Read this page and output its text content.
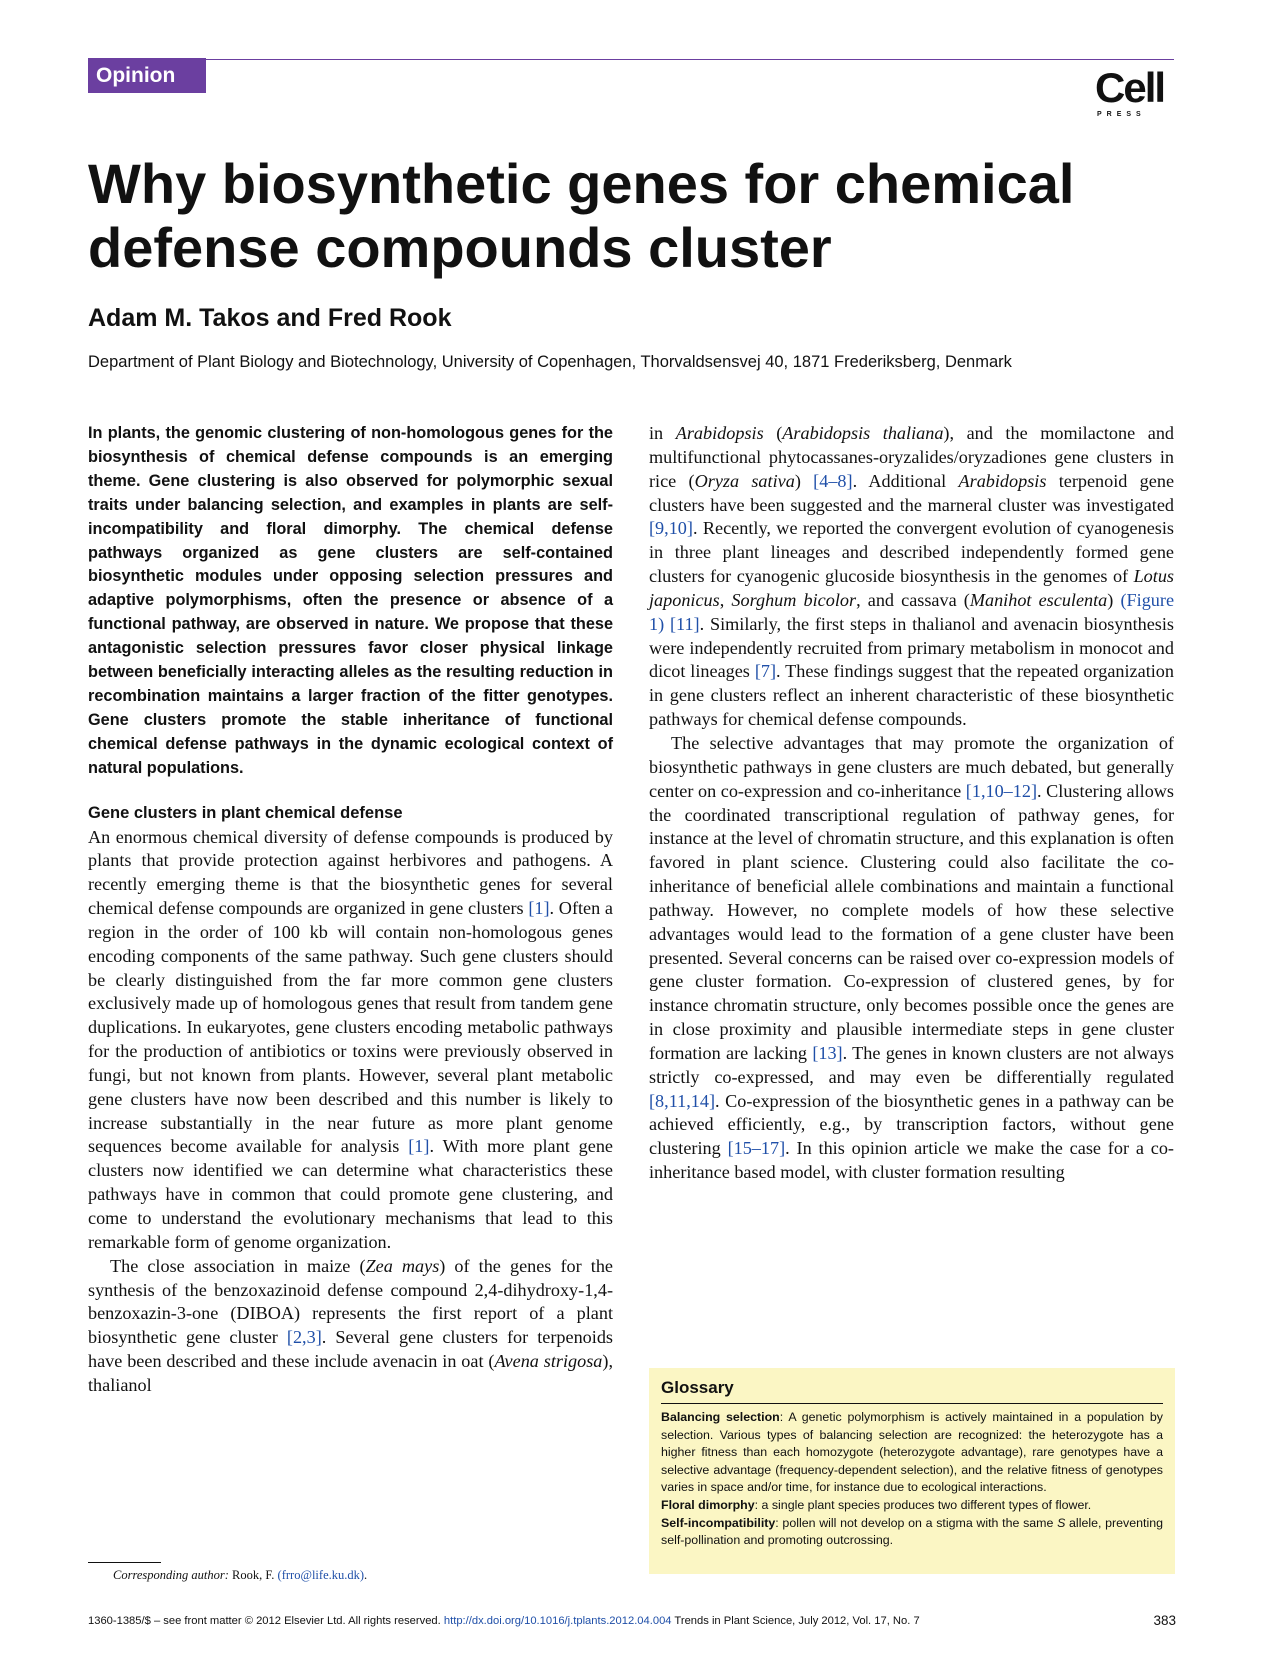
Opinion	Cell
PRESS
Why biosynthetic genes for chemical defense compounds cluster

Adam M. Takos and Fred Rook

Department of Plant Biology and Biotechnology, University of Copenhagen, Thorvaldsensvej 40, 1871 Frederiksberg, Denmark

In plants, the genomic clustering of non-homologous genes for the biosynthesis of chemical defense compounds is an emerging theme. Gene clustering is also observed for polymorphic sexual traits under balancing selection, and examples in plants are self-incompatibility and floral dimorphy. The chemical defense pathways organized as gene clusters are self-contained biosynthetic modules under opposing selection pressures and adaptive polymorphisms, often the presence or absence of a functional pathway, are observed in nature. We propose that these antagonistic selection pressures favor closer physical linkage between beneficially interacting alleles as the resulting reduction in recombination maintains a larger fraction of the fitter genotypes. Gene clusters promote the stable inheritance of functional chemical defense pathways in the dynamic ecological context of natural populations.

Gene clusters in plant chemical defense

An enormous chemical diversity of defense compounds is produced by plants that provide protection against herbivores and pathogens. A recently emerging theme is that the biosynthetic genes for several chemical defense compounds are organized in gene clusters [1]. Often a region in the order of 100 kb will contain non-homologous genes encoding components of the same pathway. Such gene clusters should be clearly distinguished from the far more common gene clusters exclusively made up of homologous genes that result from tandem gene duplications. In eukaryotes, gene clusters encoding metabolic pathways for the production of antibiotics or toxins were previously observed in fungi, but not known from plants. However, several plant metabolic gene clusters have now been described and this number is likely to increase substantially in the near future as more plant genome sequences become available for analysis [1]. With more plant gene clusters now identified we can determine what characteristics these pathways have in common that could promote gene clustering, and come to understand the evolutionary mechanisms that lead to this remarkable form of genome organization.

The close association in maize (Zea mays) of the genes for the synthesis of the benzoxazinoid defense compound 2,4-dihydroxy-1,4-benzoxazin-3-one (DIBOA) represents the first report of a plant biosynthetic gene cluster [2,3]. Several gene clusters for terpenoids have been described and these include avenacin in oat (Avena strigosa), thalianol

in Arabidopsis (Arabidopsis thaliana), and the momilactone and multifunctional phytocassanes-oryzalides/oryzadiones gene clusters in rice (Oryza sativa) [4–8]. Additional Arabidopsis terpenoid gene clusters have been suggested and the marneral cluster was investigated [9,10]. Recently, we reported the convergent evolution of cyanogenesis in three plant lineages and described independently formed gene clusters for cyanogenic glucoside biosynthesis in the genomes of Lotus japonicus, Sorghum bicolor, and cassava (Manihot esculenta) (Figure 1) [11]. Similarly, the first steps in thalianol and avenacin biosynthesis were independently recruited from primary metabolism in monocot and dicot lineages [7]. These findings suggest that the repeated organization in gene clusters reflect an inherent characteristic of these biosynthetic pathways for chemical defense compounds.

The selective advantages that may promote the organization of biosynthetic pathways in gene clusters are much debated, but generally center on co-expression and co-inheritance [1,10–12]. Clustering allows the coordinated transcriptional regulation of pathway genes, for instance at the level of chromatin structure, and this explanation is often favored in plant science. Clustering could also facilitate the co-inheritance of beneficial allele combinations and maintain a functional pathway. However, no complete models of how these selective advantages would lead to the formation of a gene cluster have been presented. Several concerns can be raised over co-expression models of gene cluster formation. Co-expression of clustered genes, by for instance chromatin structure, only becomes possible once the genes are in close proximity and plausible intermediate steps in gene cluster formation are lacking [13]. The genes in known clusters are not always strictly co-expressed, and may even be differentially regulated [8,11,14]. Co-expression of the biosynthetic genes in a pathway can be achieved efficiently, e.g., by transcription factors, without gene clustering [15–17]. In this opinion article we make the case for a co-inheritance based model, with cluster formation resulting

Glossary

Balancing selection: A genetic polymorphism is actively maintained in a population by selection. Various types of balancing selection are recognized: the heterozygote has a higher fitness than each homozygote (heterozygote advantage), rare genotypes have a selective advantage (frequency-dependent selection), and the relative fitness of genotypes varies in space and/or time, for instance due to ecological interactions.

Floral dimorphy: a single plant species produces two different types of flower.

Self-incompatibility: pollen will not develop on a stigma with the same S allele, preventing self-pollination and promoting outcrossing.

Corresponding author: Rook, F. (frro@life.ku.dk).

1360-1385/$ – see front matter © 2012 Elsevier Ltd. All rights reserved. http://dx.doi.org/10.1016/j.tplants.2012.04.004 Trends in Plant Science, July 2012, Vol. 17, No. 7	383
